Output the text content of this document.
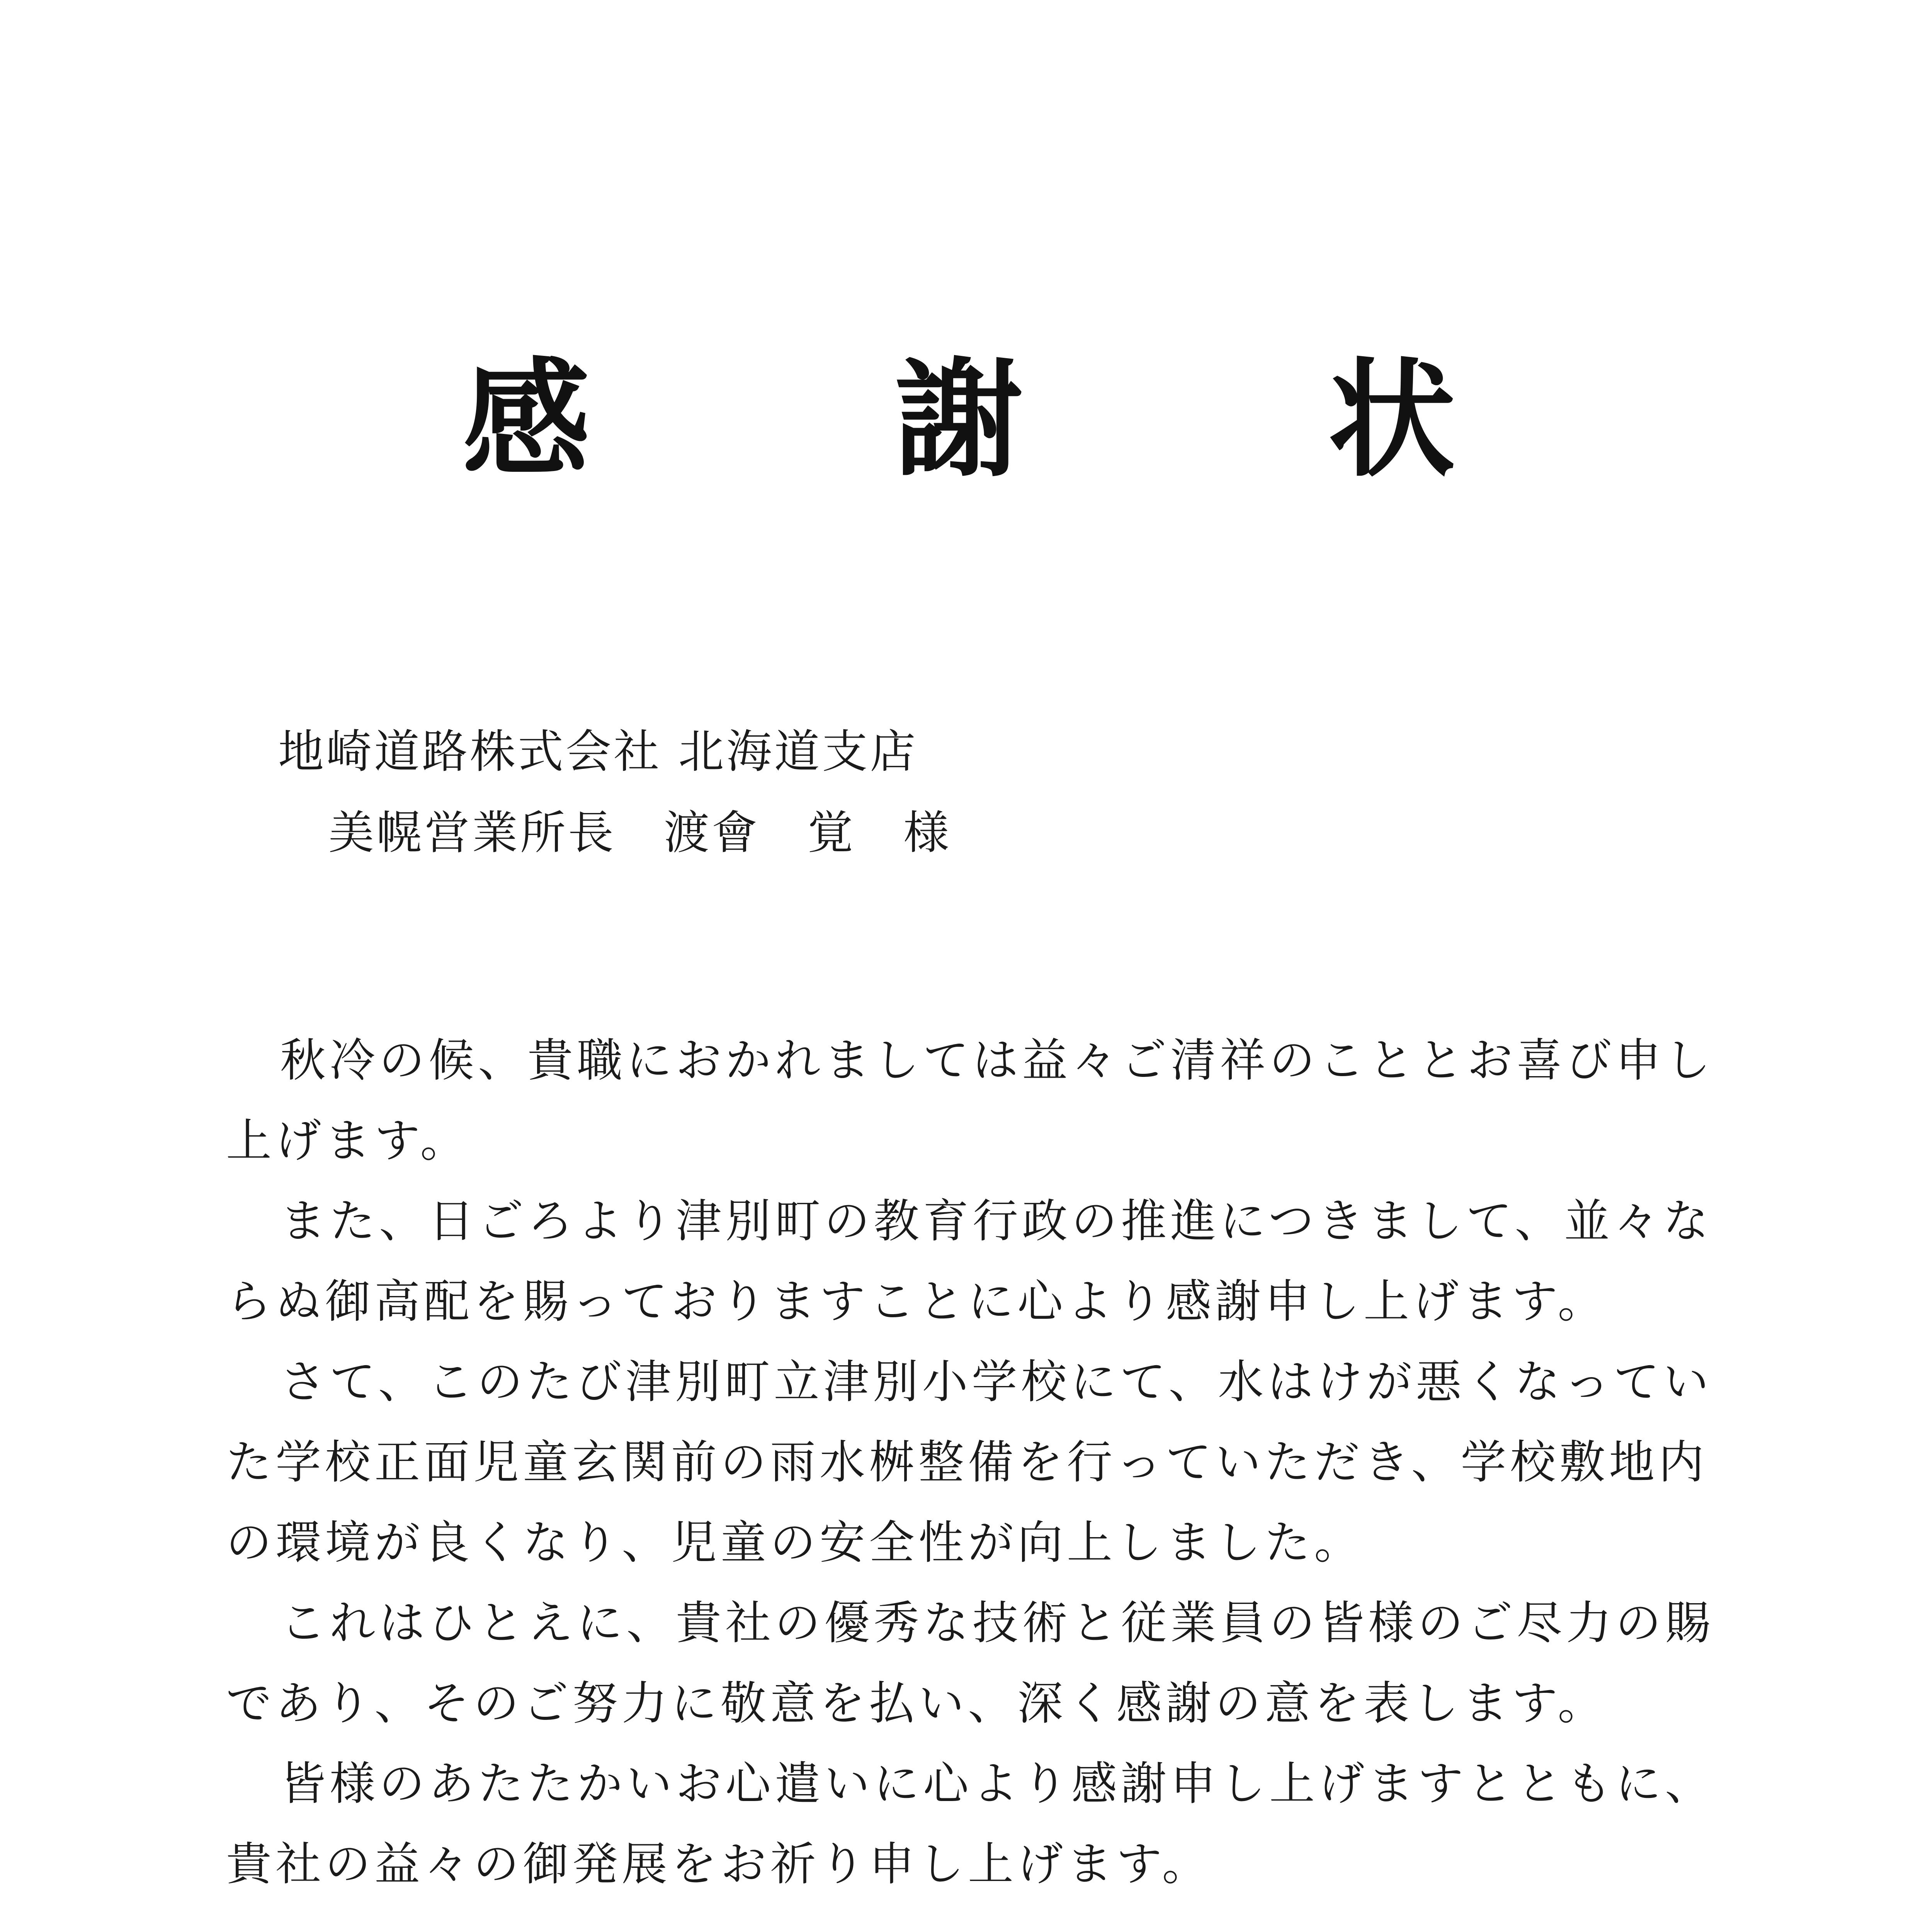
感　謝　状
地崎道路株式会社 北海道支店
美幌営業所長　渡會　覚　様

秋冷の候、貴職におかれましては益々ご清祥のこととお喜び申し上げます。

また、日ごろより津別町の教育行政の推進につきまして、並々ならぬ御高配を賜っておりますことに心より感謝申し上げます。

さて、このたび津別町立津別小学校にて、水はけが悪くなっていた学校正面児童玄関前の雨水桝整備を行っていただき、学校敷地内の環境が良くなり、児童の安全性が向上しました。

これはひとえに、貴社の優秀な技術と従業員の皆様のご尽力の賜であり、そのご努力に敬意を払い、深く感謝の意を表します。

皆様のあたたかいお心遣いに心より感謝申し上げますとともに、貴社の益々の御発展をお祈り申し上げます。
